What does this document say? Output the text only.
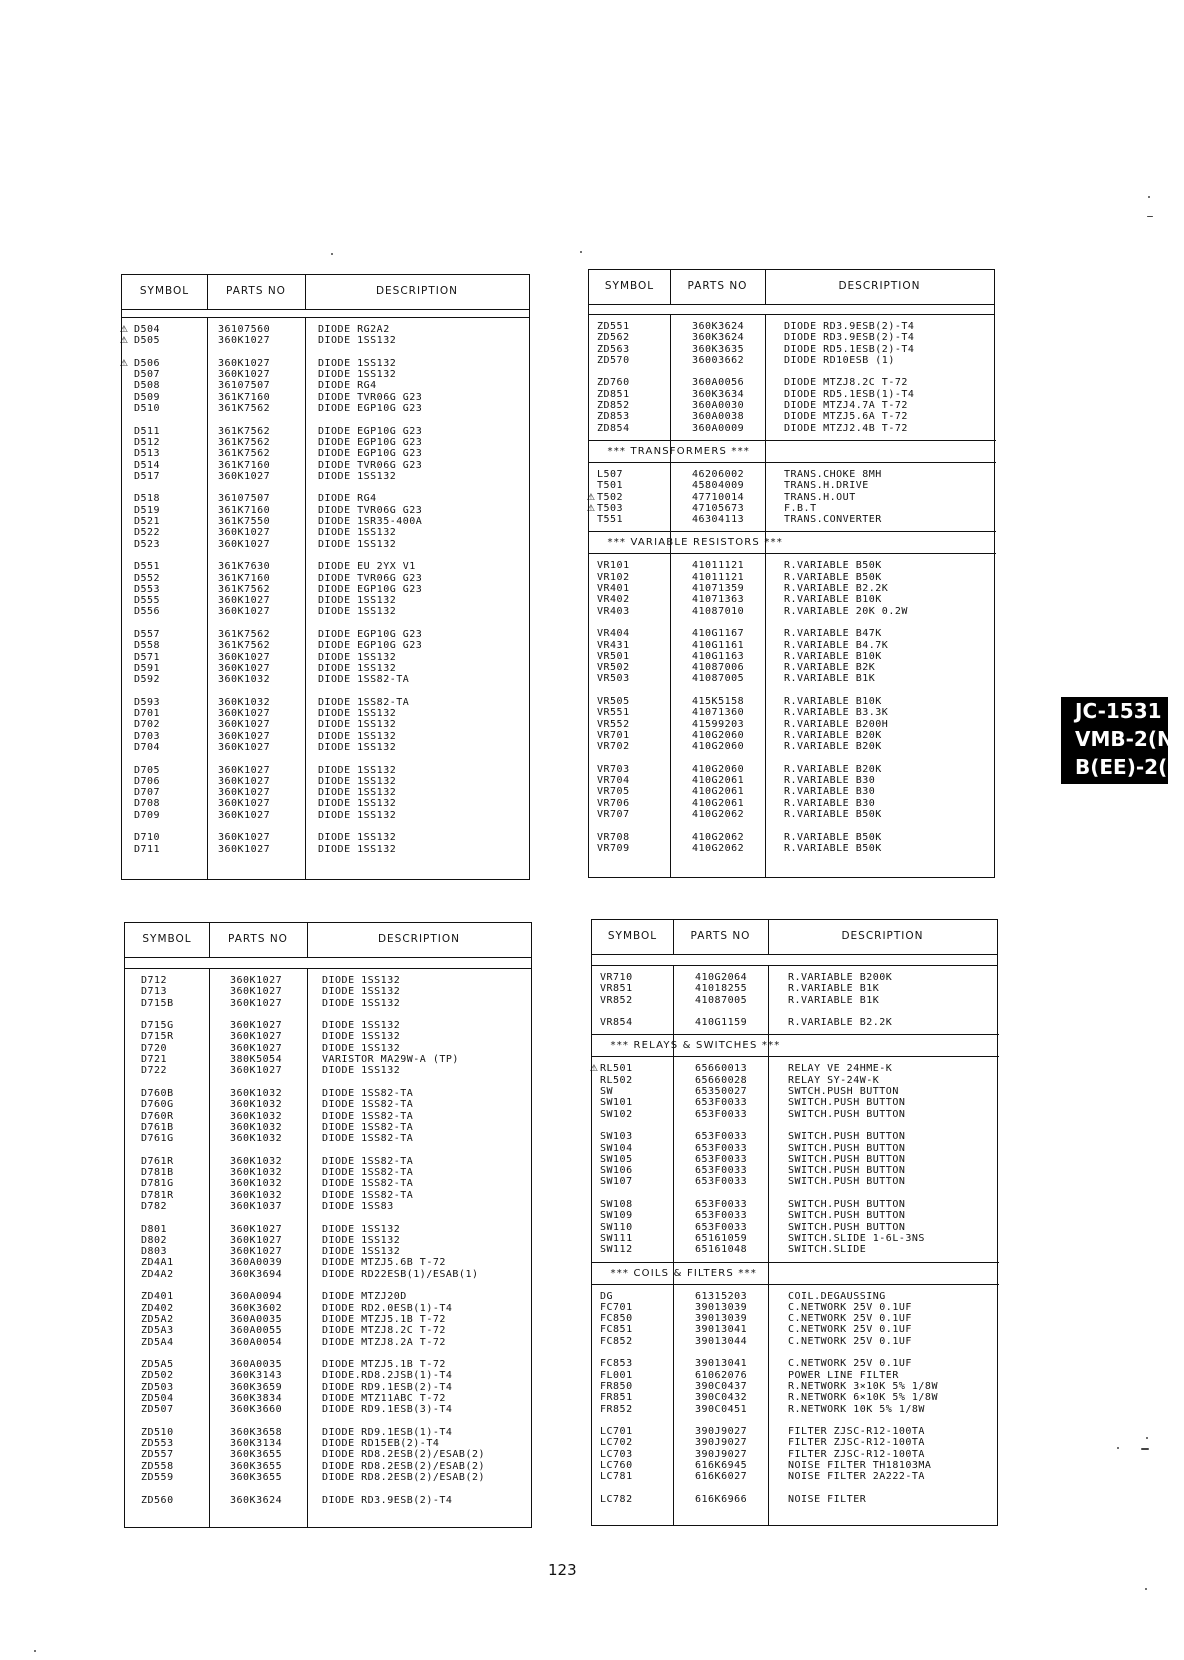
SYMBOL	PARTS NO	DESCRIPTION
⚠ D504	36107560	DIODE RG2A2
⚠ D505	360K1027	DIODE 1SS132
⚠ D506	360K1027	DIODE 1SS132
D507	360K1027	DIODE 1SS132
D508	36107507	DIODE RG4
D509	361K7160	DIODE TVR06G G23
D510	361K7562	DIODE EGP10G G23
D511	361K7562	DIODE EGP10G G23
D512	361K7562	DIODE EGP10G G23
D513	361K7562	DIODE EGP10G G23
D514	361K7160	DIODE TVR06G G23
D517	360K1027	DIODE 1SS132
D518	36107507	DIODE RG4
D519	361K7160	DIODE TVR06G G23
D521	361K7550	DIODE 1SR35-400A
D522	360K1027	DIODE 1SS132
D523	360K1027	DIODE 1SS132
D551	361K7630	DIODE EU 2YX V1
D552	361K7160	DIODE TVR06G G23
D553	361K7562	DIODE EGP10G G23
D555	360K1027	DIODE 1SS132
D556	360K1027	DIODE 1SS132
D557	361K7562	DIODE EGP10G G23
D558	361K7562	DIODE EGP10G G23
D571	360K1027	DIODE 1SS132
D591	360K1027	DIODE 1SS132
D592	360K1032	DIODE 1SS82-TA
D593	360K1032	DIODE 1SS82-TA
D701	360K1027	DIODE 1SS132
D702	360K1027	DIODE 1SS132
D703	360K1027	DIODE 1SS132
D704	360K1027	DIODE 1SS132
D705	360K1027	DIODE 1SS132
D706	360K1027	DIODE 1SS132
D707	360K1027	DIODE 1SS132
D708	360K1027	DIODE 1SS132
D709	360K1027	DIODE 1SS132
D710	360K1027	DIODE 1SS132
D711	360K1027	DIODE 1SS132
SYMBOL	PARTS NO	DESCRIPTION
ZD551	360K3624	DIODE RD3.9ESB(2)-T4
ZD562	360K3624	DIODE RD3.9ESB(2)-T4
ZD563	360K3635	DIODE RD5.1ESB(2)-T4
ZD570	36003662	DIODE RD10ESB (1)
ZD760	360A0056	DIODE MTZJ8.2C T-72
ZD851	360K3634	DIODE RD5.1ESB(1)-T4
ZD852	360A0030	DIODE MTZJ4.7A T-72
ZD853	360A0038	DIODE MTZJ5.6A T-72
ZD854	360A0009	DIODE MTZJ2.4B T-72
*** TRANSFORMERS ***
L507	46206002	TRANS.CHOKE 8MH
T501	45804009	TRANS.H.DRIVE
⚠ T502	47710014	TRANS.H.OUT
⚠ T503	47105673	F.B.T
T551	46304113	TRANS.CONVERTER
*** VARIABLE RESISTORS ***
VR101	41011121	R.VARIABLE B50K
VR102	41011121	R.VARIABLE B50K
VR401	41071359	R.VARIABLE B2.2K
VR402	41071363	R.VARIABLE B10K
VR403	41087010	R.VARIABLE 20K 0.2W
VR404	410G1167	R.VARIABLE B47K
VR431	410G1161	R.VARIABLE B4.7K
VR501	410G1163	R.VARIABLE B10K
VR502	41087006	R.VARIABLE B2K
VR503	41087005	R.VARIABLE B1K
VR505	415K5158	R.VARIABLE B10K
VR551	41071360	R.VARIABLE B3.3K
VR552	41599203	R.VARIABLE B200H
VR701	410G2060	R.VARIABLE B20K
VR702	410G2060	R.VARIABLE B20K
VR703	410G2060	R.VARIABLE B20K
VR704	410G2061	R.VARIABLE B30
VR705	410G2061	R.VARIABLE B30
VR706	410G2061	R.VARIABLE B30
VR707	410G2062	R.VARIABLE B50K
VR708	410G2062	R.VARIABLE B50K
VR709	410G2062	R.VARIABLE B50K
SYMBOL	PARTS NO	DESCRIPTION
D712	360K1027	DIODE 1SS132
D713	360K1027	DIODE 1SS132
D715B	360K1027	DIODE 1SS132
D715G	360K1027	DIODE 1SS132
D715R	360K1027	DIODE 1SS132
D720	360K1027	DIODE 1SS132
D721	380K5054	VARISTOR MA29W-A (TP)
D722	360K1027	DIODE 1SS132
D760B	360K1032	DIODE 1SS82-TA
D760G	360K1032	DIODE 1SS82-TA
D760R	360K1032	DIODE 1SS82-TA
D761B	360K1032	DIODE 1SS82-TA
D761G	360K1032	DIODE 1SS82-TA
D761R	360K1032	DIODE 1SS82-TA
D781B	360K1032	DIODE 1SS82-TA
D781G	360K1032	DIODE 1SS82-TA
D781R	360K1032	DIODE 1SS82-TA
D782	360K1037	DIODE 1SS83
D801	360K1027	DIODE 1SS132
D802	360K1027	DIODE 1SS132
D803	360K1027	DIODE 1SS132
ZD4A1	360A0039	DIODE MTZJ5.6B T-72
ZD4A2	360K3694	DIODE RD22ESB(1)/ESAB(1)
ZD401	360A0094	DIODE MTZJ20D
ZD402	360K3602	DIODE RD2.0ESB(1)-T4
ZD5A2	360A0035	DIODE MTZJ5.1B T-72
ZD5A3	360A0055	DIODE MTZJ8.2C T-72
ZD5A4	360A0054	DIODE MTZJ8.2A T-72
ZD5A5	360A0035	DIODE MTZJ5.1B T-72
ZD502	360K3143	DIODE.RD8.2JSB(1)-T4
ZD503	360K3659	DIODE RD9.1ESB(2)-T4
ZD504	360K3834	DIODE MTZ11ABC T-72
ZD507	360K3660	DIODE RD9.1ESB(3)-T4
ZD510	360K3658	DIODE RD9.1ESB(1)-T4
ZD553	360K3134	DIODE RD15EB(2)-T4
ZD557	360K3655	DIODE RD8.2ESB(2)/ESAB(2)
ZD558	360K3655	DIODE RD8.2ESB(2)/ESAB(2)
ZD559	360K3655	DIODE RD8.2ESB(2)/ESAB(2)
ZD560	360K3624	DIODE RD3.9ESB(2)-T4
SYMBOL	PARTS NO	DESCRIPTION
VR710	410G2064	R.VARIABLE B200K
VR851	41018255	R.VARIABLE B1K
VR852	41087005	R.VARIABLE B1K
VR854	410G1159	R.VARIABLE B2.2K
*** RELAYS & SWITCHES ***
⚠ RL501	65660013	RELAY VE 24HME-K
RL502	65660028	RELAY SY-24W-K
SW	65350027	SWTCH.PUSH BUTTON
SW101	653F0033	SWITCH.PUSH BUTTON
SW102	653F0033	SWITCH.PUSH BUTTON
SW103	653F0033	SWITCH.PUSH BUTTON
SW104	653F0033	SWITCH.PUSH BUTTON
SW105	653F0033	SWITCH.PUSH BUTTON
SW106	653F0033	SWITCH.PUSH BUTTON
SW107	653F0033	SWITCH.PUSH BUTTON
SW108	653F0033	SWITCH.PUSH BUTTON
SW109	653F0033	SWITCH.PUSH BUTTON
SW110	653F0033	SWITCH.PUSH BUTTON
SW111	65161059	SWITCH.SLIDE 1-6L-3NS
SW112	65161048	SWITCH.SLIDE
*** COILS & FILTERS ***
DG	61315203	COIL.DEGAUSSING
FC701	39013039	C.NETWORK 25V 0.1UF
FC850	39013039	C.NETWORK 25V 0.1UF
FC851	39013041	C.NETWORK 25V 0.1UF
FC852	39013044	C.NETWORK 25V 0.1UF
FC853	39013041	C.NETWORK 25V 0.1UF
FL001	61062076	POWER LINE FILTER
FR850	390C0437	R.NETWORK 3×10K 5% 1/8W
FR851	390C0432	R.NETWORK 6×10K 5% 1/8W
FR852	390C0451	R.NETWORK 10K 5% 1/8W
LC701	390J9027	FILTER ZJSC-R12-100TA
LC702	390J9027	FILTER ZJSC-R12-100TA
LC703	390J9027	FILTER ZJSC-R12-100TA
LC760	616K6945	NOISE FILTER TH18103MA
LC781	616K6027	NOISE FILTER 2A222-TA
LC782	616K6966	NOISE FILTER
JC-1531
VMB-2(N
B(EE)-2(N
123
